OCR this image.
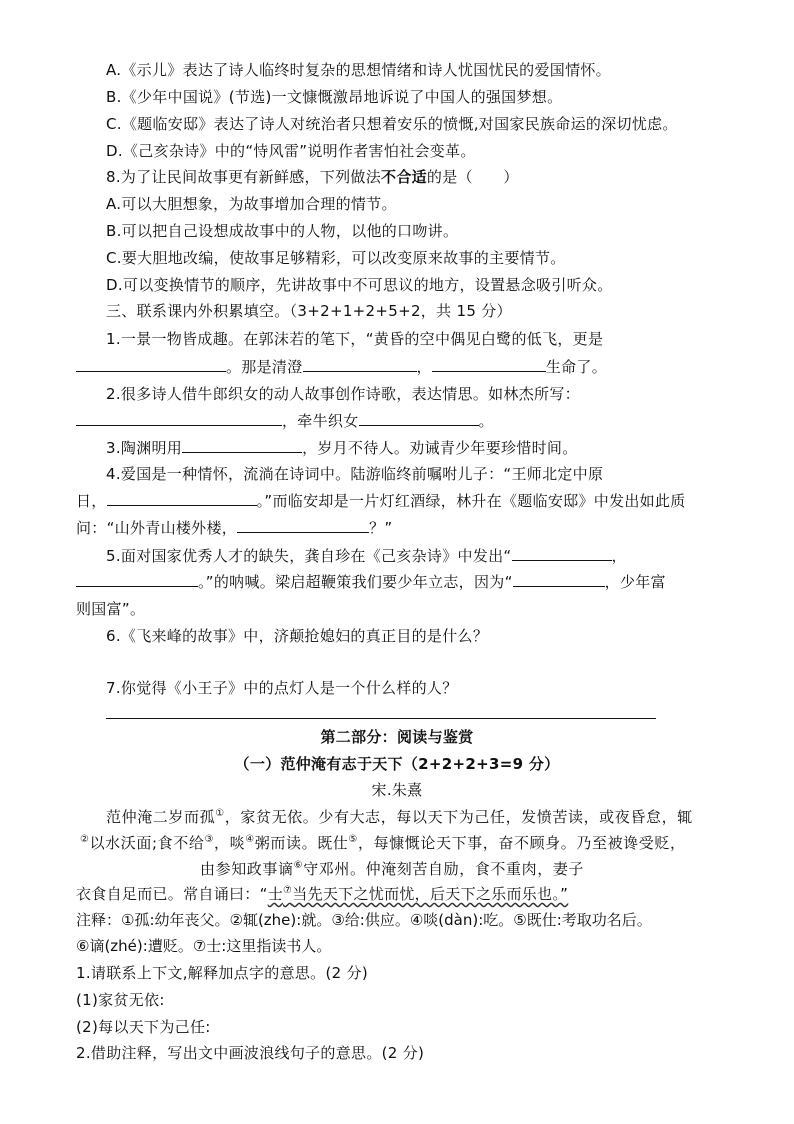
A.《示儿》表达了诗人临终时复杂的思想情绪和诗人忧国忧民的爱国情怀。
B.《少年中国说》(节选)一文慷慨激昂地诉说了中国人的强国梦想。
C.《题临安邸》表达了诗人对统治者只想着安乐的愤慨,对国家民族命运的深切忧虑。
D.《己亥杂诗》中的“恃风雷”说明作者害怕社会变革。
8.为了让民间故事更有新鲜感，下列做法不合适的是（　　）
A.可以大胆想象，为故事增加合理的情节。
B.可以把自己设想成故事中的人物，以他的口吻讲。
C.要大胆地改编，使故事足够精彩，可以改变原来故事的主要情节。
D.可以变换情节的顺序，先讲故事中不可思议的地方，设置悬念吸引听众。
三、联系课内外积累填空。（3+2+1+2+5+2，共 15 分）
1.一景一物皆成趣。在郭沫若的笔下，“黄昏的空中偶见白鹭的低飞，更是
。那是清澄	，	生命了。
2.很多诗人借牛郎织女的动人故事创作诗歌，表达情思。如林杰所写：
，牵牛织女	。
3.陶渊明用	，岁月不待人。劝诫青少年要珍惜时间。
4.爱国是一种情怀，流淌在诗词中。陆游临终前嘱咐儿子：“王师北定中原
日，	。”而临安却是一片灯红酒绿，林升在《题临安邸》中发出如此质
问：“山外青山楼外楼，	？”
5.面对国家优秀人才的缺失，龚自珍在《己亥杂诗》中发出“	，
。”的呐喊。梁启超鞭策我们要少年立志，因为“	，少年富
则国富”。
6.《飞来峰的故事》中，济颠抢媳妇的真正目的是什么？
7.你觉得《小王子》中的点灯人是一个什么样的人？
第二部分：阅读与鉴赏
（一）范仲淹有志于天下（2+2+2+3=9 分）
宋.朱熹
范仲淹二岁而孤①，家贫无依。少有大志，每以天下为己任，发愤苦读，或夜昏怠，辄
②以水沃面;食不给③，啖④粥而读。既仕⑤，每慷慨论天下事，奋不顾身。乃至被谗受贬，
由参知政事谪⑥守邓州。仲淹刻苦自励，食不重肉，妻子
衣食自足而已。常自诵曰：“士⑦当先天下之忧而忧，后天下之乐而乐也。”
注释：①孤:幼年丧父。②辄(zhe):就。③给:供应。④啖(dàn):吃。⑤既仕:考取功名后。
⑥谪(zhé):遭贬。⑦士:这里指读书人。
1.请联系上下文,解释加点字的意思。(2 分)
(1)家贫无依:
(2)每以天下为己任:
2.借助注释，写出文中画波浪线句子的意思。(2 分)
